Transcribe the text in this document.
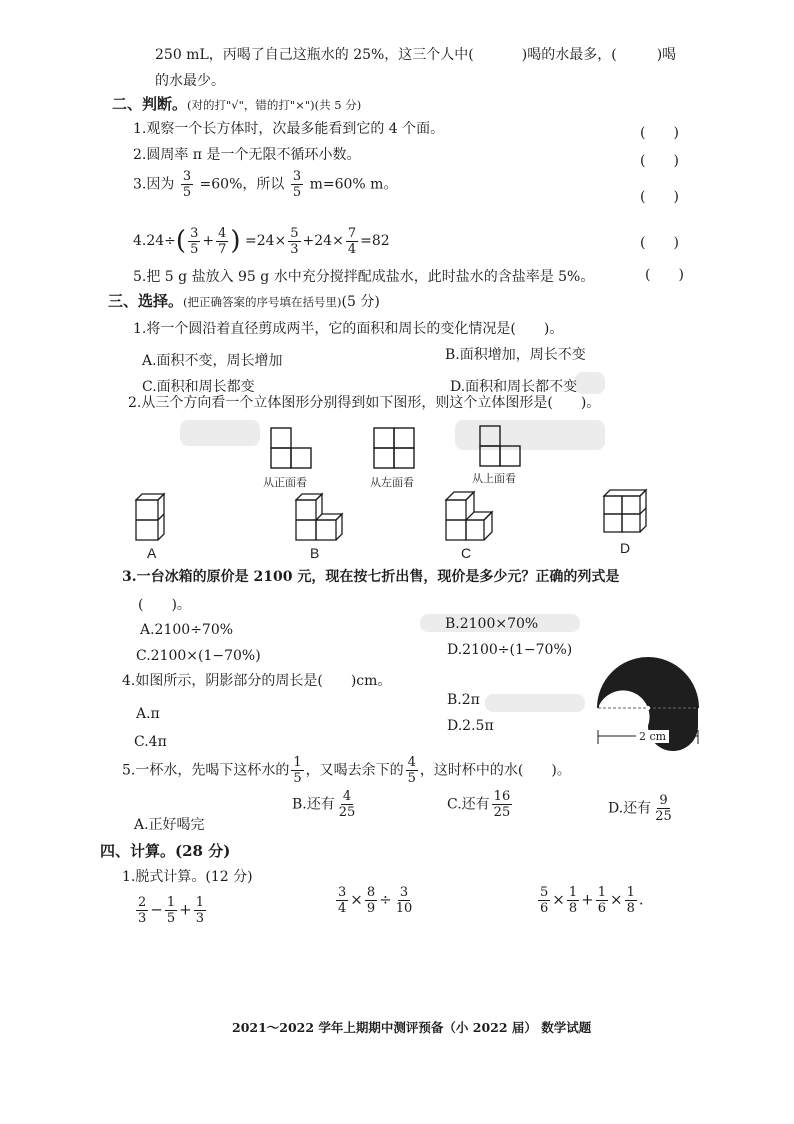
250 mL，丙喝了自己这瓶水的 25%，这三个人中(	)喝的水最多，(	)喝
的水最少。
二、判断。(对的打"√"，错的打"×")(共 5 分)
1.观察一个长方体时，次最多能看到它的 4 个面。	(　　)
2.圆周率 π 是一个无限不循环小数。	(　　)
3.因为 $\frac{3}{5} =60\%$，所以 $\frac{3}{5} m=60\%$ m。
(　　)
$4.24\div( \frac{3}{5} + \frac{4}{7}$ ) $=24\times \frac{5}{3} +24\times \frac{7}{4} =82$	(　　)
5.把 5 g 盐放入 95 g 水中充分搅拌配成盐水，此时盐水的含盐率是 5%。	(　　)
三、选择。(把正确答案的序号填在括号里)(5 分)
1.将一个圆沿着直径剪成两半，它的面积和周长的变化情况是(　　)。
A.面积不变，周长增加	B.面积增加，周长不变
C.面积和周长都变	D.面积和周长都不变
2.从三个方向看一个立体图形分别得到如下图形，则这个立体图形是(　　)。
从正面看	从左面看	从上面看
A	B	C	D
3.一台冰箱的原价是 2100 元，现在按七折出售，现价是多少元？正确的列式是
(　　)。
A.2100÷70%	B.2100×70%
C.2100×(1−70%)	D.2100÷(1−70%)
4.如图所示，阴影部分的周长是(　　)cm。
A.π
B.2π
C.4π
D.2.5π
2 cm
5.一杯水，先喝下这杯水的 $\frac{1}{5}$ ，又喝去余下的 $\frac{4}{5}$ ，这时杯中的水(　　)。
A.正好喝完
B.还有 $\frac{4}{25}$	C.还有 $\frac{16}{25}$	D.还有 $\frac{9}{25}$
四、计算。(28 分)
1.脱式计算。(12 分)
$\frac{2}{3} - \frac{1}{5} + \frac{1}{3}$	$\frac{3}{4} \times \frac{8}{9} \div \frac{3}{10}$	$\frac{5}{6} \times \frac{1}{8} + \frac{1}{6} \times \frac{1}{8}$ .
2021～2022 学年上期期中测评预备（小 2022 届） 数学试题
